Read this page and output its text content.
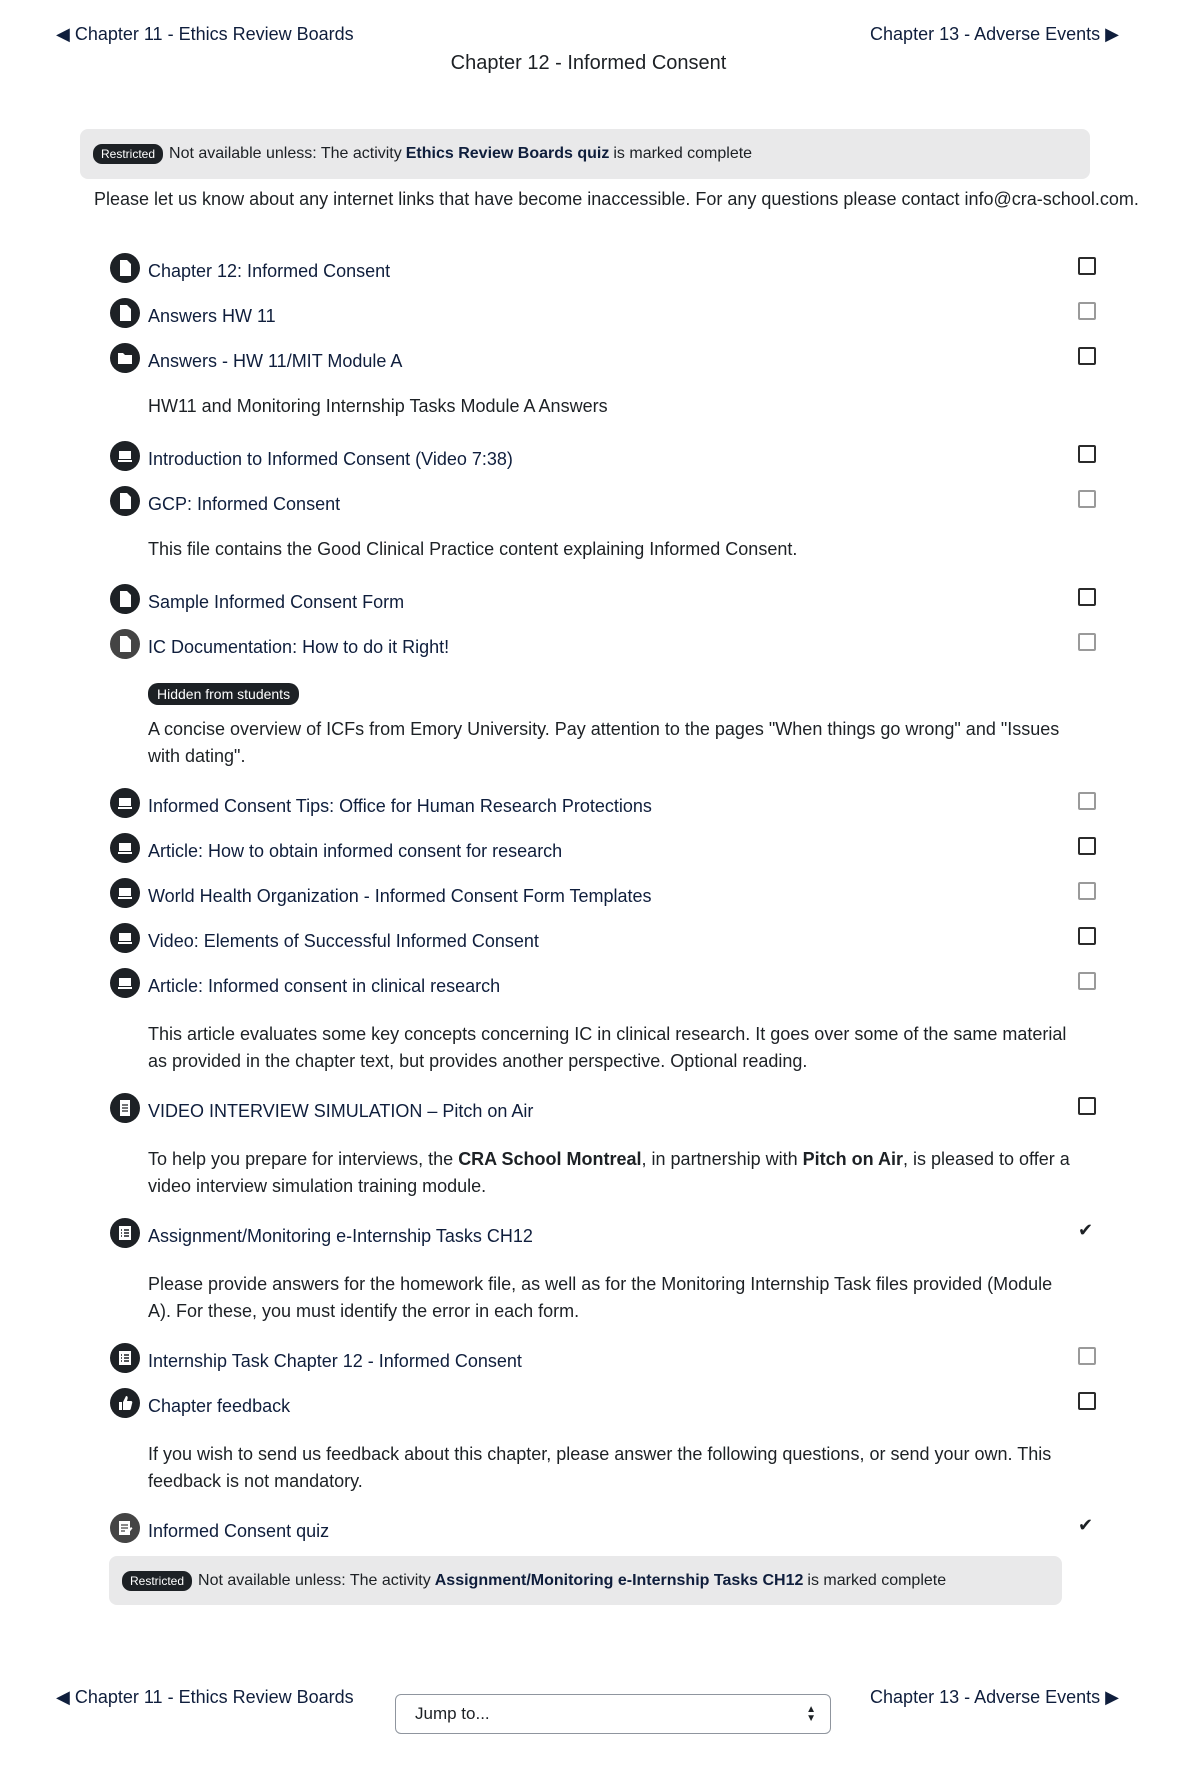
◀ Chapter 11 - Ethics Review Boards	Chapter 13 - Adverse Events ▶
Chapter 12 - Informed Consent
Restricted Not available unless: The activity Ethics Review Boards quiz is marked complete
Please let us know about any internet links that have become inaccessible. For any questions please contact info@cra-school.com.
Chapter 12: Informed Consent
Answers HW 11
Answers - HW 11/MIT Module A
HW11 and Monitoring Internship Tasks Module A Answers
Introduction to Informed Consent (Video 7:38)
GCP: Informed Consent
This file contains the Good Clinical Practice content explaining Informed Consent.
Sample Informed Consent Form
IC Documentation: How to do it Right!
Hidden from students
A concise overview of ICFs from Emory University. Pay attention to the pages "When things go wrong" and "Issues with dating".
Informed Consent Tips: Office for Human Research Protections
Article: How to obtain informed consent for research
World Health Organization - Informed Consent Form Templates
Video: Elements of Successful Informed Consent
Article: Informed consent in clinical research
This article evaluates some key concepts concerning IC in clinical research. It goes over some of the same material as provided in the chapter text, but provides another perspective. Optional reading.
VIDEO INTERVIEW SIMULATION – Pitch on Air
To help you prepare for interviews, the CRA School Montreal, in partnership with Pitch on Air, is pleased to offer a video interview simulation training module.
Assignment/Monitoring e-Internship Tasks CH12	✔
Please provide answers for the homework file, as well as for the Monitoring Internship Task files provided (Module A). For these, you must identify the error in each form.
Internship Task Chapter 12 - Informed Consent
Chapter feedback
If you wish to send us feedback about this chapter, please answer the following questions, or send your own. This feedback is not mandatory.
Informed Consent quiz	✔
Restricted Not available unless: The activity Assignment/Monitoring e-Internship Tasks CH12 is marked complete
◀ Chapter 11 - Ethics Review Boards
Jump to...	▲
▼
Chapter 13 - Adverse Events ▶
